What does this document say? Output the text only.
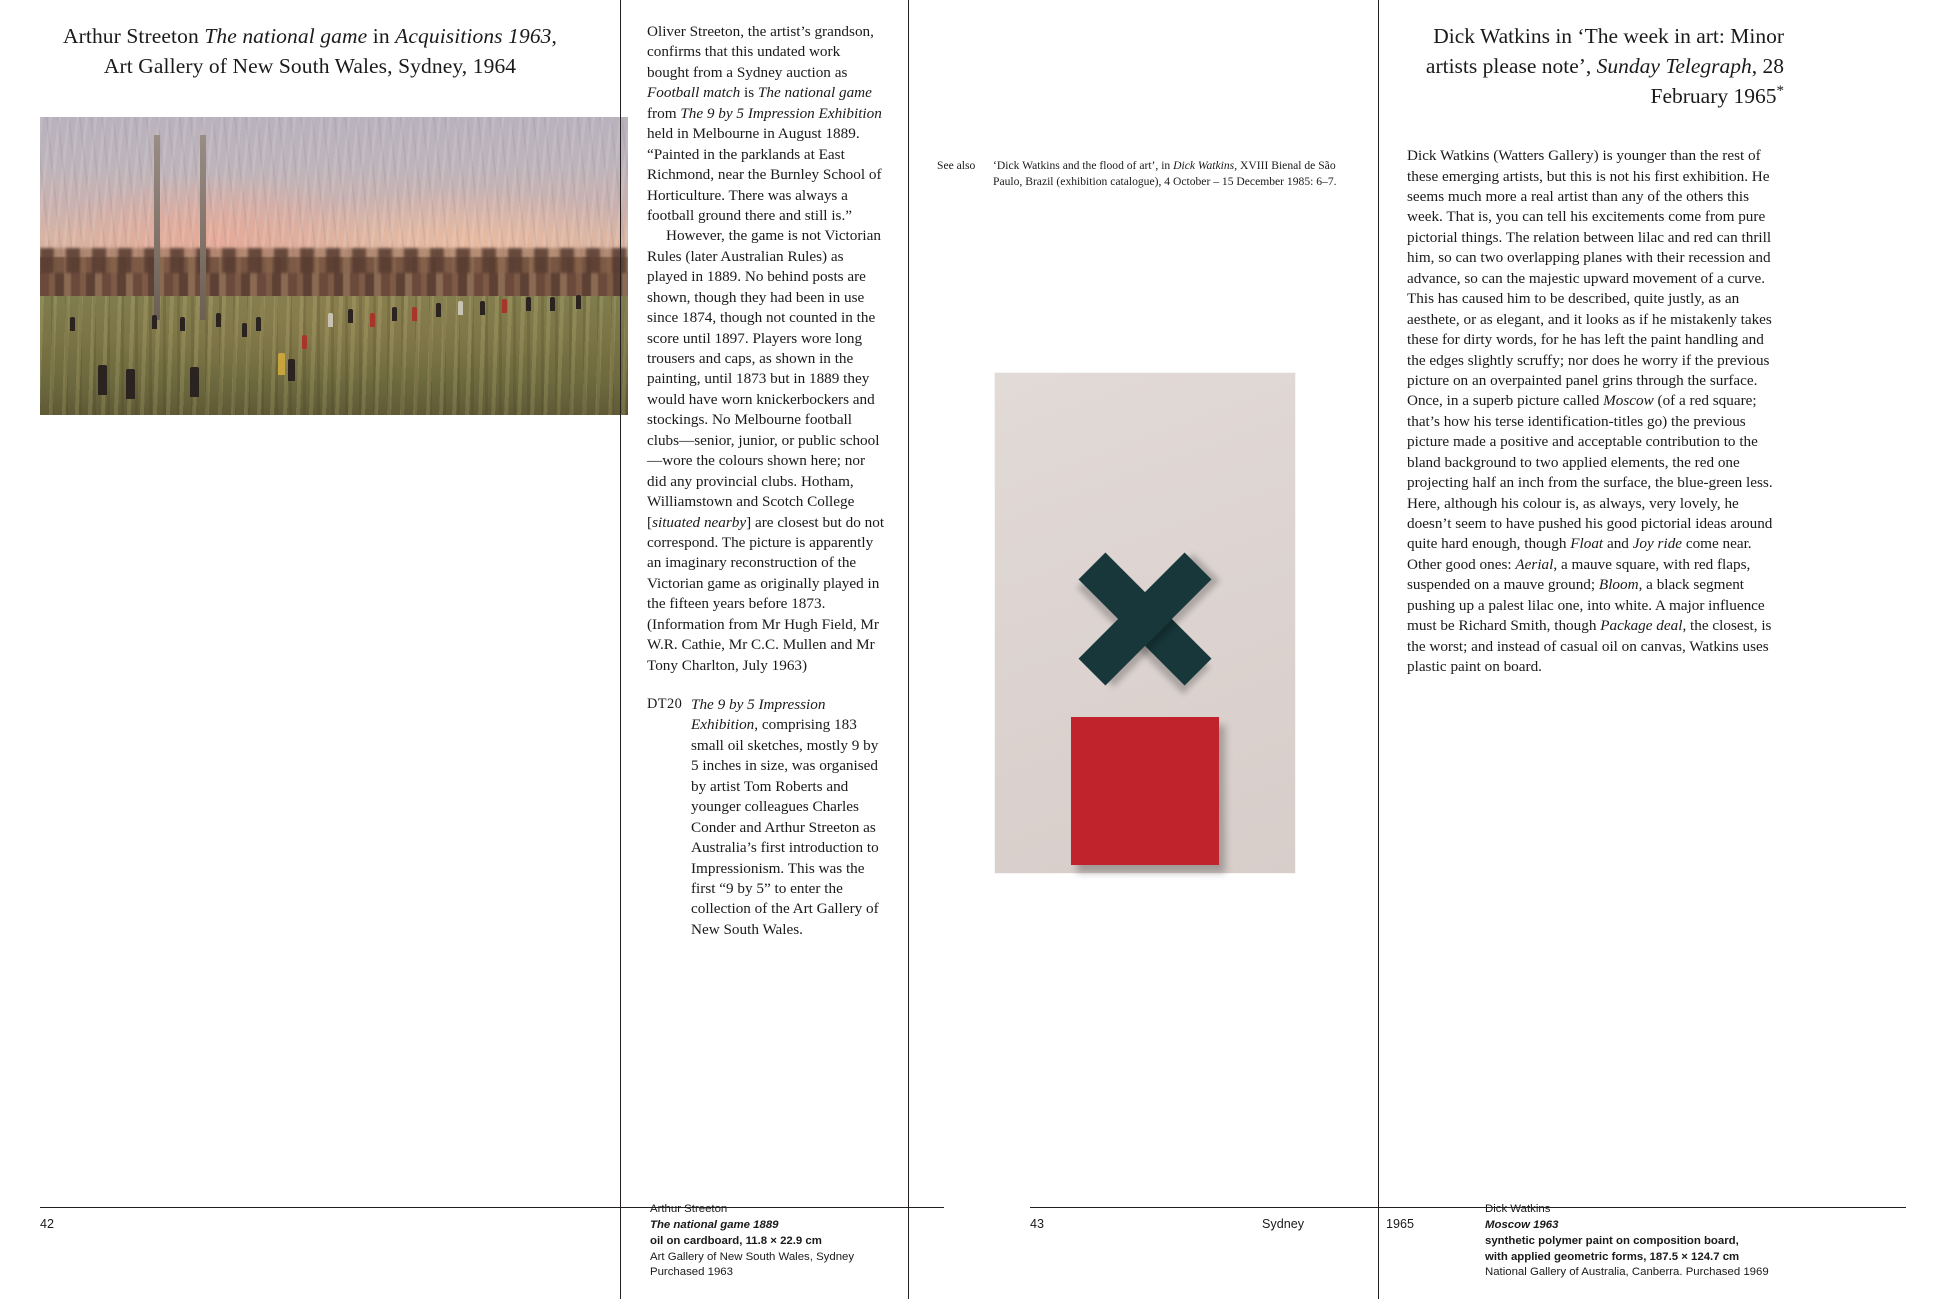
Arthur Streeton The national game in Acquisitions 1963, Art Gallery of New South Wales, Sydney, 1964

Oliver Streeton, the artist’s grandson, confirms that this undated work bought from a Sydney auction as Football match is The national game from The 9 by 5 Impression Exhibition held in Melbourne in August 1889. “Painted in the parklands at East Richmond, near the Burnley School of Horticulture. There was always a football ground there and still is.”

However, the game is not Victorian Rules (later Australian Rules) as played in 1889. No behind posts are shown, though they had been in use since 1874, though not counted in the score until 1897. Players wore long trousers and caps, as shown in the painting, until 1873 but in 1889 they would have worn knickerbockers and stockings. No Melbourne football clubs—senior, junior, or public school—wore the colours shown here; nor did any provincial clubs. Hotham, Williamstown and Scotch College [situated nearby] are closest but do not correspond. The picture is apparently an imaginary reconstruction of the Victorian game as originally played in the fifteen years before 1873. (Information from Mr Hugh Field, Mr W.R. Cathie, Mr C.C. Mullen and Mr Tony Charlton, July 1963)

DT20 The 9 by 5 Impression Exhibition, comprising 183 small oil sketches, mostly 9 by 5 inches in size, was organised by artist Tom Roberts and younger colleagues Charles Conder and Arthur Streeton as Australia’s first introduction to Impressionism. This was the first “9 by 5” to enter the collection of the Art Gallery of New South Wales.
See also	‘Dick Watkins and the flood of art’, in Dick Watkins, XVIII Bienal de São Paulo, Brazil (exhibition catalogue), 4 October – 15 December 1985: 6–7.
Dick Watkins in ‘The week in art: Minor artists please note’, Sunday Telegraph, 28 February 1965*

Dick Watkins (Watters Gallery) is younger than the rest of these emerging artists, but this is not his first exhibition. He seems much more a real artist than any of the others this week. That is, you can tell his excitements come from pure pictorial things. The relation between lilac and red can thrill him, so can two overlapping planes with their recession and advance, so can the majestic upward movement of a curve. This has caused him to be described, quite justly, as an aesthete, or as elegant, and it looks as if he mistakenly takes these for dirty words, for he has left the paint handling and the edges slightly scruffy; nor does he worry if the previous picture on an overpainted panel grins through the surface. Once, in a superb picture called Moscow (of a red square; that’s how his terse identification-titles go) the previous picture made a positive and acceptable contribution to the bland background to two applied elements, the red one projecting half an inch from the surface, the blue-green less. Here, although his colour is, as always, very lovely, he doesn’t seem to have pushed his good pictorial ideas around quite hard enough, though Float and Joy ride come near. Other good ones: Aerial, a mauve square, with red flaps, suspended on a mauve ground; Bloom, a black segment pushing up a palest lilac one, into white. A major influence must be Richard Smith, though Package deal, the closest, is the worst; and instead of casual oil on canvas, Watkins uses plastic paint on board.

42	43	Sydney	1965
Arthur Streeton
The national game 1889
oil on cardboard, 11.8 × 22.9 cm
Art Gallery of New South Wales, Sydney
Purchased 1963
Dick Watkins
Moscow 1963
synthetic polymer paint on composition board,
with applied geometric forms, 187.5 × 124.7 cm
National Gallery of Australia, Canberra. Purchased 1969
